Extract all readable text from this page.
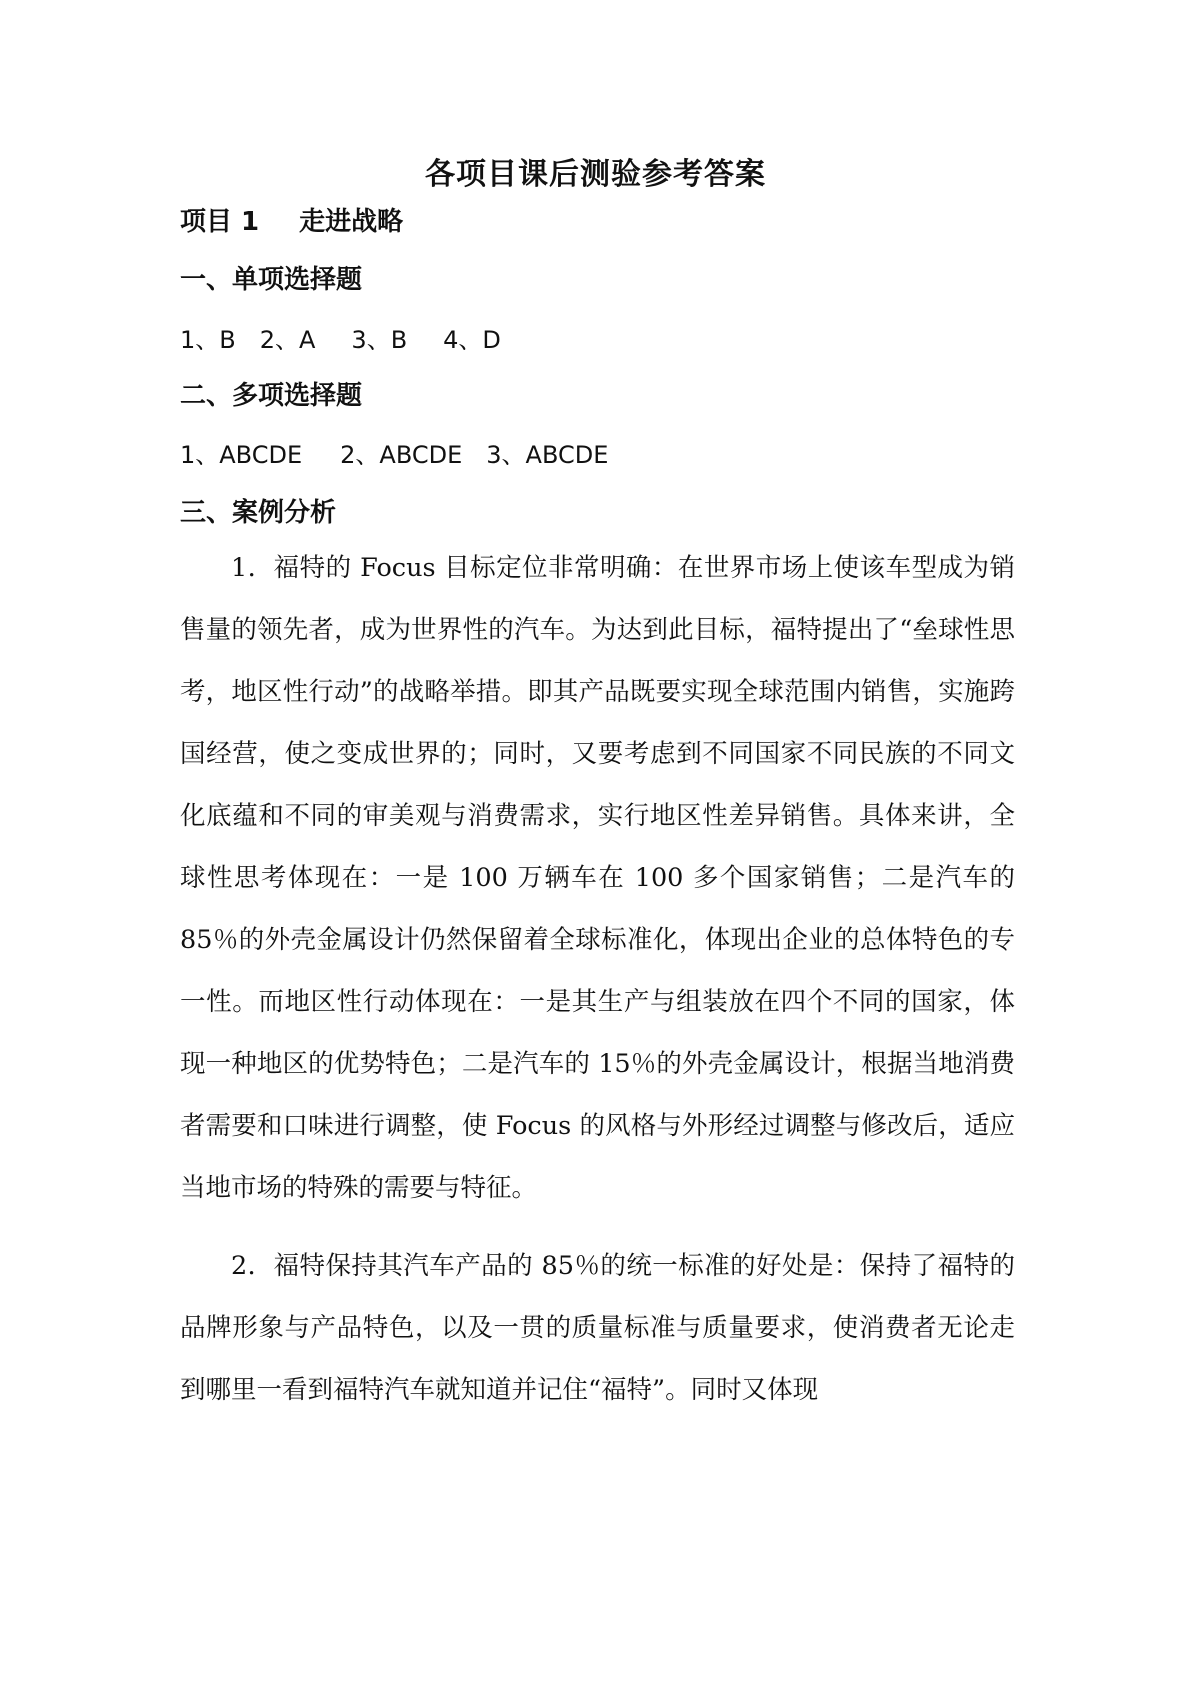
各项目课后测验参考答案
项目 1 走进战略
一、单项选择题
1、B 2、A 3、B 4、D
二、多项选择题
1、ABCDE 2、ABCDE 3、ABCDE
三、案例分析

1．福特的 Focus 目标定位非常明确：在世界市场上使该车型成为销售量的领先者，成为世界性的汽车。为达到此目标，福特提出了“垒球性思考，地区性行动”的战略举措。即其产品既要实现全球范围内销售，实施跨国经营，使之变成世界的；同时，又要考虑到不同国家不同民族的不同文化底蕴和不同的审美观与消费需求，实行地区性差异销售。具体来讲，全球性思考体现在：一是 100 万辆车在 100 多个国家销售；二是汽车的 85％的外壳金属设计仍然保留着全球标准化，体现出企业的总体特色的专一性。而地区性行动体现在：一是其生产与组装放在四个不同的国家，体现一种地区的优势特色；二是汽车的 15％的外壳金属设计，根据当地消费者需要和口味进行调整，使 Focus 的风格与外形经过调整与修改后，适应当地市场的特殊的需要与特征。

2．福特保持其汽车产品的 85％的统一标准的好处是：保持了福特的品牌形象与产品特色，以及一贯的质量标准与质量要求，使消费者无论走到哪里一看到福特汽车就知道并记住“福特”。同时又体现
